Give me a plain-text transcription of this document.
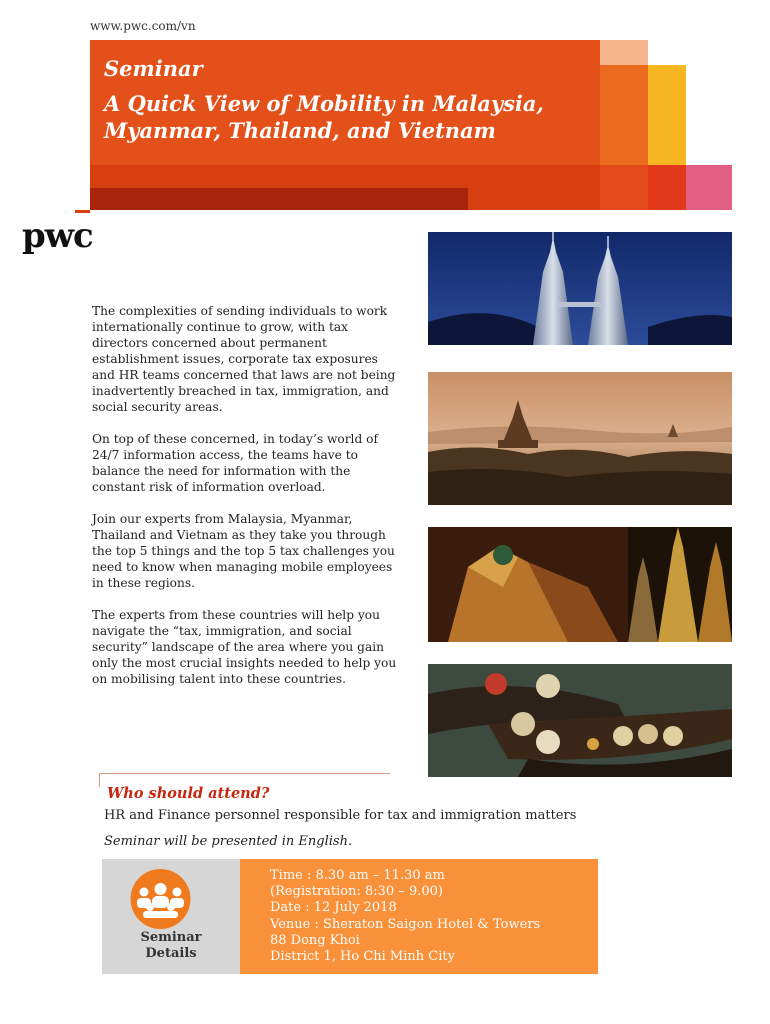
www.pwc.com/vn
Seminar
A Quick View of Mobility in Malaysia, Myanmar, Thailand, and Vietnam
pwc

The complexities of sending individuals to work internationally continue to grow, with tax directors concerned about permanent establishment issues, corporate tax exposures and HR teams concerned that laws are not being inadvertently breached in tax, immigration, and social security areas.

On top of these concerned, in today’s world of 24/7 information access, the teams have to balance the need for information with the constant risk of information overload.

Join our experts from Malaysia, Myanmar, Thailand and Vietnam as they take you through the top 5 things and the top 5 tax challenges you need to know when managing mobile employees in these regions.

The experts from these countries will help you navigate the “tax, immigration, and social security” landscape of the area where you gain only the most crucial insights needed to help you on mobilising talent into these countries.

Who should attend?
HR and Finance personnel responsible for tax and immigration matters
Seminar will be presented in English.
Seminar
Details
Time : 8.30 am – 11.30 am
(Registration: 8:30 – 9.00)
Date : 12 July 2018
Venue : Sheraton Saigon Hotel & Towers
88 Dong Khoi
District 1, Ho Chi Minh City
